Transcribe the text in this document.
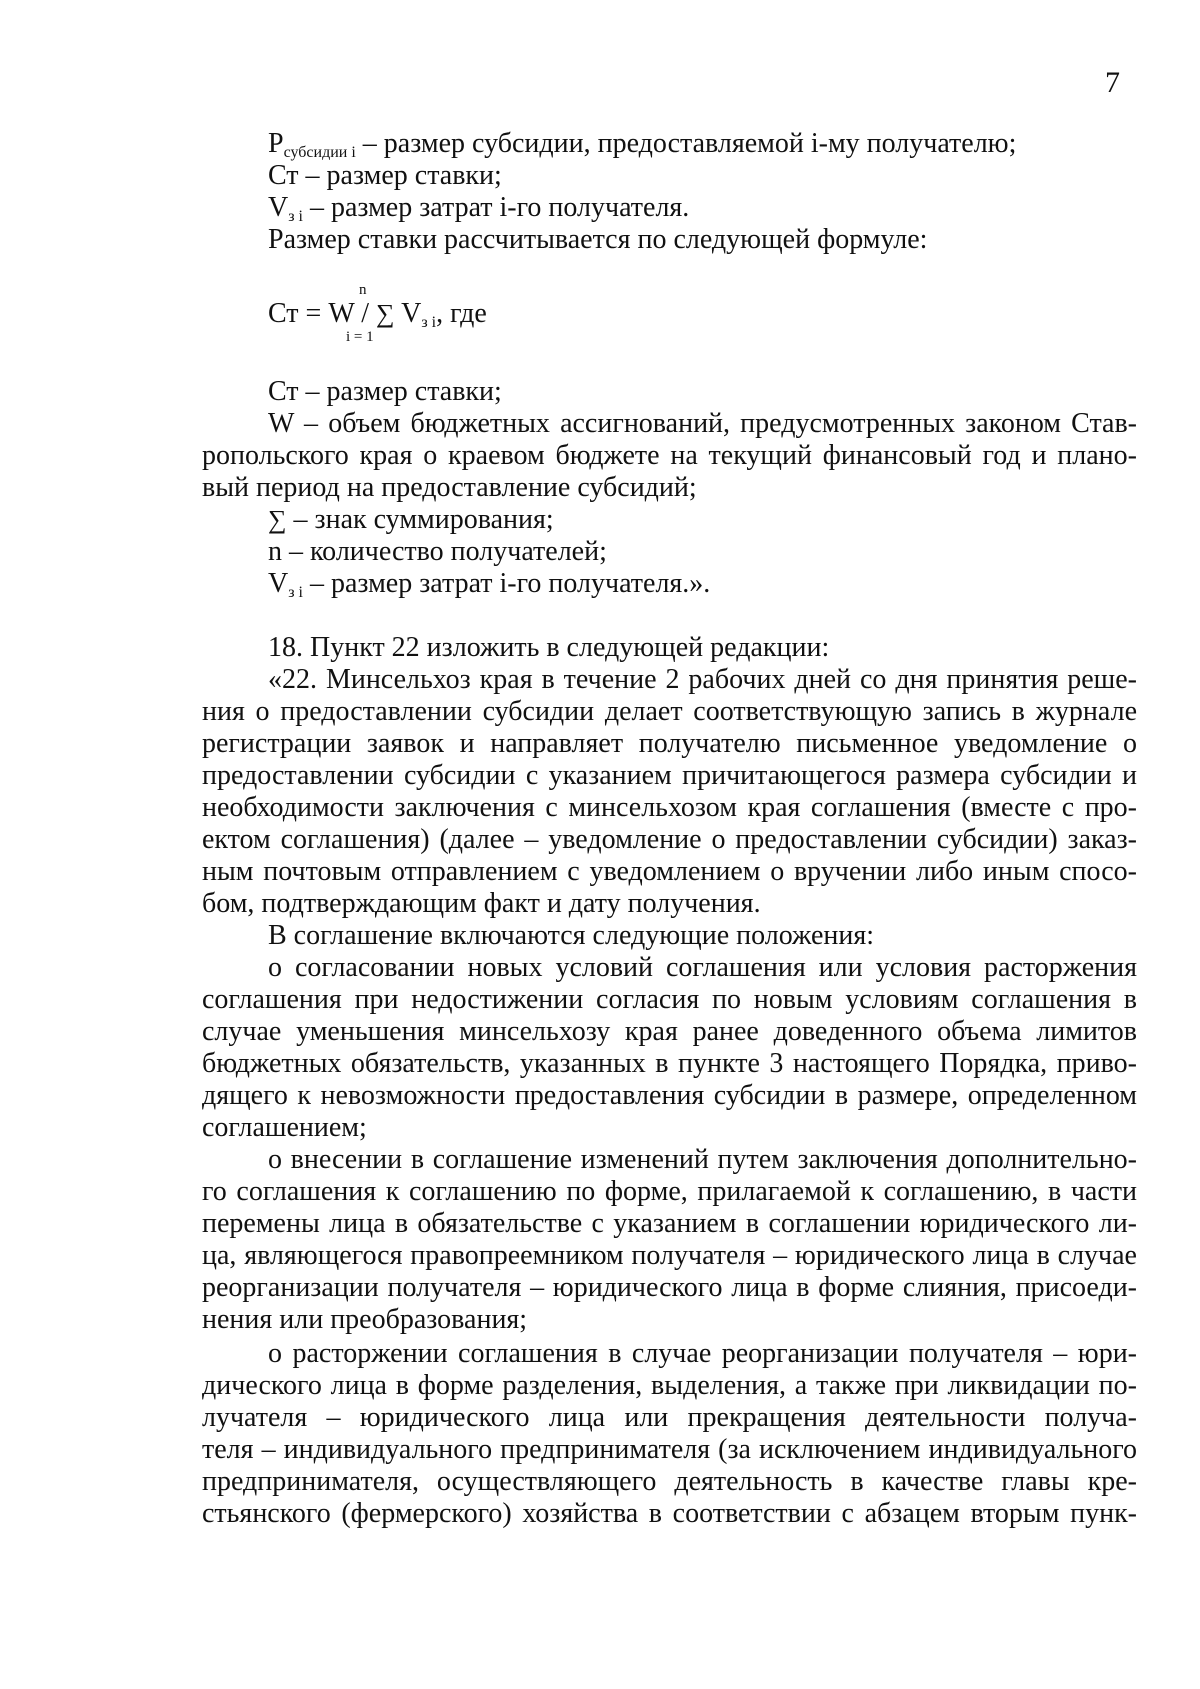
7
$P_{субсидии i}$ – размер субсидии, предоставляемой i-му получателю;
Ст – размер ставки;
$V_{з i}$ – размер затрат i-го получателя.
Размер ставки рассчитывается по следующей формуле:
Ст = W / ∑ $V_{з i}$, где
n
i = 1
Ст – размер ставки;
W – объем бюджетных ассигнований, предусмотренных законом Став-
ропольского края о краевом бюджете на текущий финансовый год и плано-
вый период на предоставление субсидий;
∑ – знак суммирования;
n – количество получателей;
$V_{з i}$ – размер затрат i-го получателя.».
18. Пункт 22 изложить в следующей редакции:
«22. Минсельхоз края в течение 2 рабочих дней со дня принятия реше-
ния о предоставлении субсидии делает соответствующую запись в журнале
регистрации заявок и направляет получателю письменное уведомление о
предоставлении субсидии с указанием причитающегося размера субсидии и
необходимости заключения с минсельхозом края соглашения (вместе с про-
ектом соглашения) (далее – уведомление о предоставлении субсидии) заказ-
ным почтовым отправлением с уведомлением о вручении либо иным спосо-
бом, подтверждающим факт и дату получения.
В соглашение включаются следующие положения:
о согласовании новых условий соглашения или условия расторжения
соглашения при недостижении согласия по новым условиям соглашения в
случае уменьшения минсельхозу края ранее доведенного объема лимитов
бюджетных обязательств, указанных в пункте 3 настоящего Порядка, приво-
дящего к невозможности предоставления субсидии в размере, определенном
соглашением;
о внесении в соглашение изменений путем заключения дополнительно-
го соглашения к соглашению по форме, прилагаемой к соглашению, в части
перемены лица в обязательстве с указанием в соглашении юридического ли-
ца, являющегося правопреемником получателя – юридического лица в случае
реорганизации получателя – юридического лица в форме слияния, присоеди-
нения или преобразования;
о расторжении соглашения в случае реорганизации получателя – юри-
дического лица в форме разделения, выделения, а также при ликвидации по-
лучателя – юридического лица или прекращения деятельности получа-
теля – индивидуального предпринимателя (за исключением индивидуального
предпринимателя, осуществляющего деятельность в качестве главы кре-
стьянского (фермерского) хозяйства в соответствии с абзацем вторым пунк-
